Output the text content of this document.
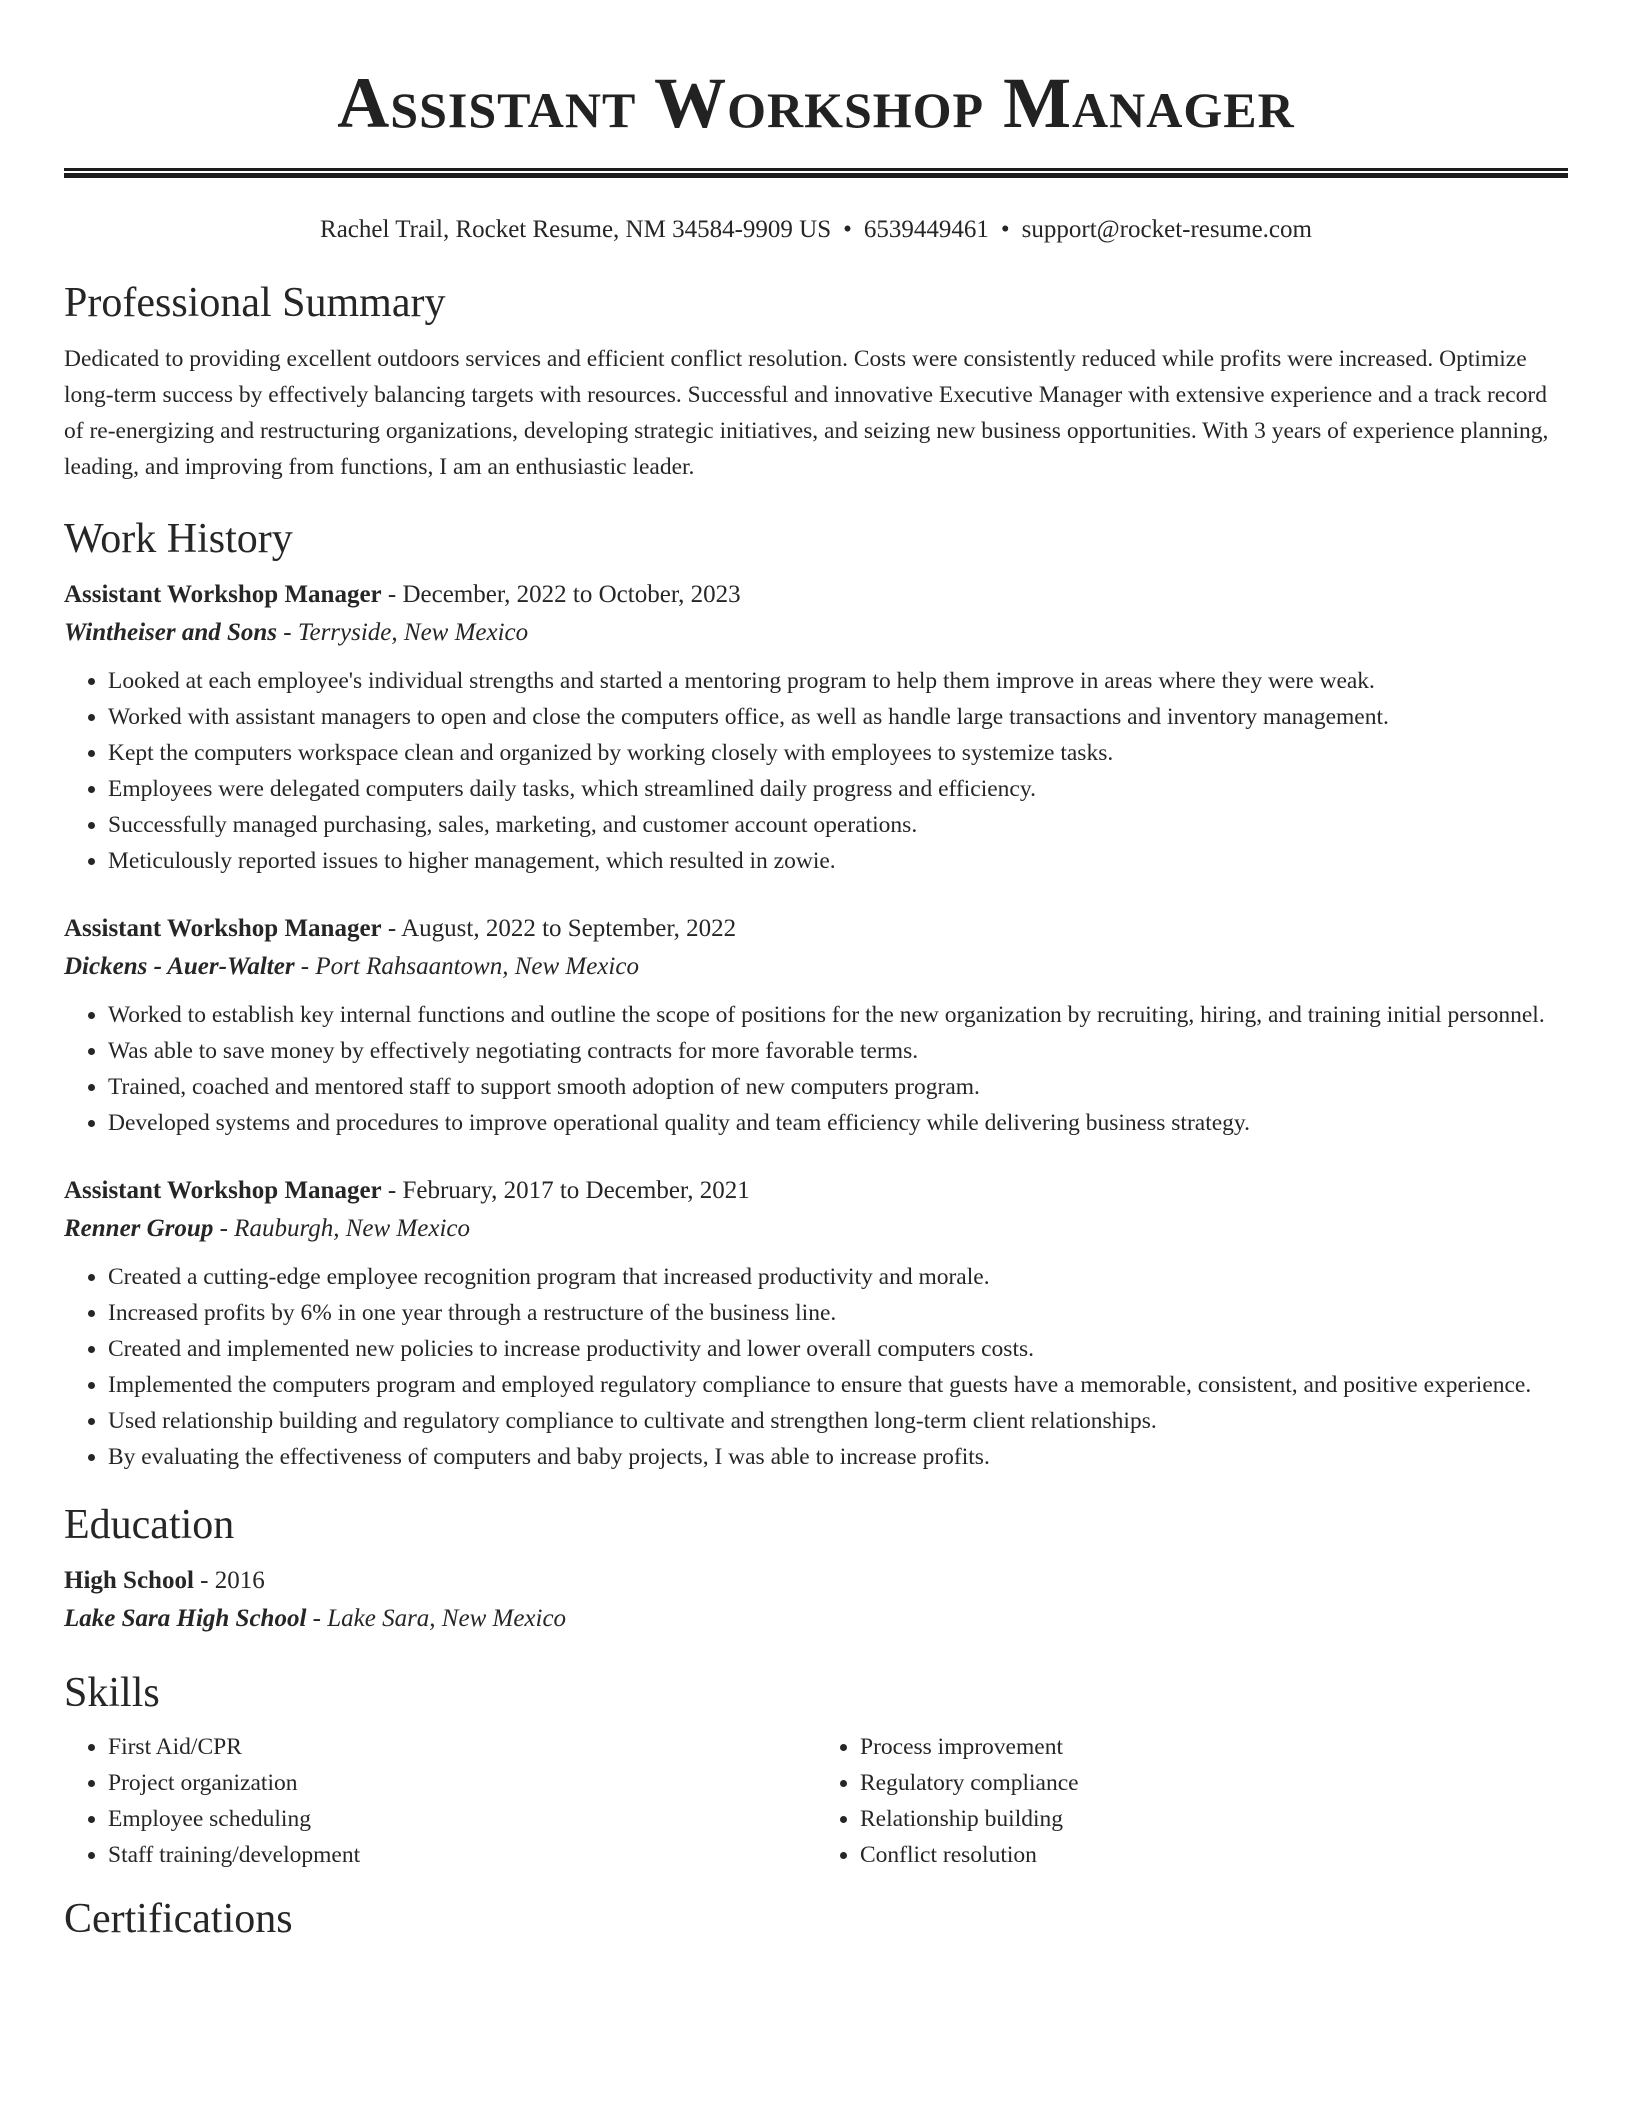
Assistant Workshop Manager
Rachel Trail, Rocket Resume, NM 34584-9909 US • 6539449461 • support@rocket-resume.com
Professional Summary

Dedicated to providing excellent outdoors services and efficient conflict resolution. Costs were consistently reduced while profits were increased. Optimize long-term success by effectively balancing targets with resources. Successful and innovative Executive Manager with extensive experience and a track record of re-energizing and restructuring organizations, developing strategic initiatives, and seizing new business opportunities. With 3 years of experience planning, leading, and improving from functions, I am an enthusiastic leader.

Work History
Assistant Workshop Manager - December, 2022 to October, 2023
Wintheiser and Sons - Terryside, New Mexico
• Looked at each employee's individual strengths and started a mentoring program to help them improve in areas where they were weak.
• Worked with assistant managers to open and close the computers office, as well as handle large transactions and inventory management.
• Kept the computers workspace clean and organized by working closely with employees to systemize tasks.
• Employees were delegated computers daily tasks, which streamlined daily progress and efficiency.
• Successfully managed purchasing, sales, marketing, and customer account operations.
• Meticulously reported issues to higher management, which resulted in zowie.
Assistant Workshop Manager - August, 2022 to September, 2022
Dickens - Auer-Walter - Port Rahsaantown, New Mexico
• Worked to establish key internal functions and outline the scope of positions for the new organization by recruiting, hiring, and training initial personnel.
• Was able to save money by effectively negotiating contracts for more favorable terms.
• Trained, coached and mentored staff to support smooth adoption of new computers program.
• Developed systems and procedures to improve operational quality and team efficiency while delivering business strategy.
Assistant Workshop Manager - February, 2017 to December, 2021
Renner Group - Rauburgh, New Mexico
• Created a cutting-edge employee recognition program that increased productivity and morale.
• Increased profits by 6% in one year through a restructure of the business line.
• Created and implemented new policies to increase productivity and lower overall computers costs.
• Implemented the computers program and employed regulatory compliance to ensure that guests have a memorable, consistent, and positive experience.
• Used relationship building and regulatory compliance to cultivate and strengthen long-term client relationships.
• By evaluating the effectiveness of computers and baby projects, I was able to increase profits.
Education
High School - 2016
Lake Sara High School - Lake Sara, New Mexico
Skills
• First Aid/CPR
• Project organization
• Employee scheduling
• Staff training/development
• Process improvement
• Regulatory compliance
• Relationship building
• Conflict resolution
Certifications
